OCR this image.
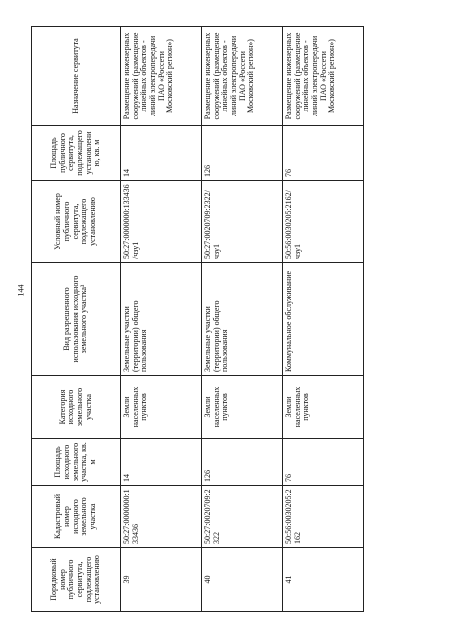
144
Порядковый номер публичного сервитута, подлежащего установлению	Кадастровый номер исходного земельного участка	Площадь исходного земельного участка, кв. м	Категория исходного земельного участка	Вид разрешенного использования исходного земельного участка³	Условный номер публичного сервитута, подлежащего установлению	Площадь публичного сервитута, подлежащего установлению, кв. м	Назначение сервитута
39	50:27:0000000:133436	14	Земли населенных пунктов	Земельные участки (территории) общего пользования	50:27:0000000:133436/чзу1	14	Размещение инженерных сооружений (размещение линейных объектов - линий электропередачи ПАО «Россети Московский регион»)
40	50:27:0020709:2322	126	Земли населенных пунктов	Земельные участки (территории) общего пользования	50:27:0020709:2322/чзу1	126	Размещение инженерных сооружений (размещение линейных объектов - линий электропередачи ПАО «Россети Московский регион»)
41	50:56:0030205:2162	76	Земли населенных пунктов	Коммунальное обслуживание	50:56:0030205:2162/чзу1	76	Размещение инженерных сооружений (размещение линейных объектов - линий электропередачи ПАО «Россети Московский регион»)
